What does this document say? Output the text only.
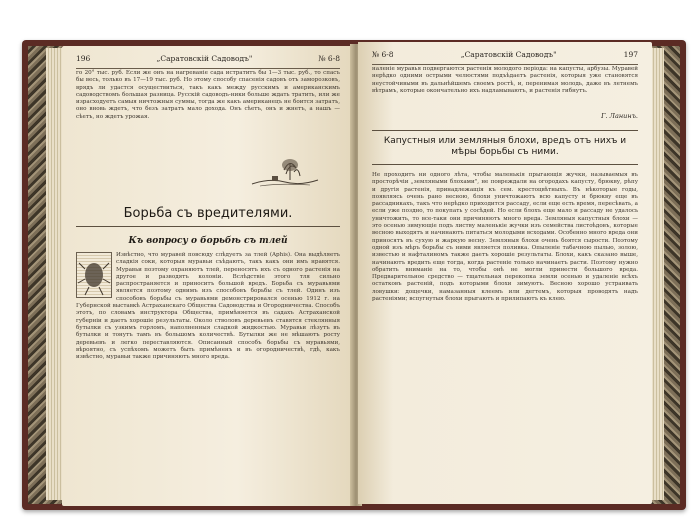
196	„Саратовскій Садоводъ"	№ 6-8
го 20° тыс. руб. Если же онъ на нагреванiе сада истратитъ бы 1—3 тыс. руб., то спасъ бы весь, только въ 17—19 тыс. руб. Но этому способу спасенія садовъ отъ заморозковъ, врядъ ли удастся осуществиться, такъ какъ между русскимъ и американскимъ садоводствомъ большая разница. Русскій садоводъ-ники больше ждать тратить, или же израсходуетъ самыя ничтожныя суммы, тогда же какъ американецъ не боится затратъ, оно вновь ждетъ, что безъ затратъ мало дохода. Онъ сѣетъ, онъ и жнетъ, а нашъ — сѣетъ, но ждетъ урожая.
Борьба съ вредителями.
Къ вопросу о борьбѣ съ тлей
Извѣстно, что муравей повсюду слѣдуетъ за тлей (Aphis). Она выдѣляетъ сладкія соки, которыя муравьи съѣдаютъ, такъ какъ они имъ нравятся. Муравьи поэтому охраняютъ тлей, переносятъ ихъ съ одного растенія на другое и разводятъ колоніи. Вслѣдствіе этого тля сильно распространяется и приноситъ большой вредъ. Борьба съ муравьями является поэтому однимъ изъ способовъ борьбы съ тлей. Одинъ изъ способовъ борьбы съ муравьями демонстрировался осенью 1912 г. на Губернской выставкѣ Астраханскаго Общества Садоводства и Огородничества. Способъ этотъ, по словамъ инструктора Общества, примѣняется въ садахъ Астраханской губерніи и даетъ хорошіе результаты. Около стволовъ деревьевъ ставятся стеклянныя бутылки съ узкимъ горломъ, наполненныя сладкой жидкостью. Муравьи лѣзутъ въ бутылки и тонутъ тамъ въ большомъ количествѣ. Бутылки же не мѣшаютъ росту деревьевъ и легко переставляются. Описанный способъ борьбы съ муравьями, вѣроятно, съ успѣхомъ можетъ быть примѣненъ и въ огородничествѣ, гдѣ, какъ извѣстно, муравьи также причиняютъ много вреда.
№ 6-8	„Саратовскій Садоводъ"	197
наленіе муравья подвергаются растенія молодого періода: на капусты, арбузы. Муравей нерѣдко одними острыми челюстями подъѣдаетъ растенія, которыя уже становятся неустойчивыми въ дальнѣйшемъ своемъ ростѣ, и, перенимая молодь, даже въ летнемъ вѣтрамъ, которые окончательно ихъ надламываютъ, и растенія гибнутъ.
Г. Ланинъ.
Капустныя или земляныя блохи, вредъ отъ нихъ и мѣры борьбы съ ними.
Не проходитъ ни одного лѣта, чтобы маленькія прыгающія жучки, называемыя въ просторѣчіи „земляными блохами", не повреждали на огородахъ капусту, брюкву, рѣпу и другія растенія, принадлежащія къ сем. крестоцвѣтныхъ. Въ нѣкоторые годы, появляясь очень рано весною, блохи уничтожаютъ всю капусту и брюкву еще въ рассадникахъ, такъ что нерѣдко приходится рассаду, если еще есть время, пересѣвать, а если уже поздно, то покупать у сосѣдей. Но если блохъ еще мало и рассаду не удалось уничтожить, то все-таки они причиняютъ много вреда. Земляныя капустныя блохи — это осенью зимующіе подъ листву маленькіе жучки изъ семейства листоѣдовъ, которые весною выходятъ и начинаютъ питаться молодыми всходами. Особенно много вреда они приносятъ въ сухую и жаркую весну. Земляныя блохи очень боятся сырости. Поэтому одной изъ мѣръ борьбы съ ними является поливка. Опыленіе табачною пылью, золою, известью и нафталиномъ также даетъ хорошіе результаты. Блохи, какъ сказано выше, начинаютъ вредить еще тогда, когда растеніе только начинаетъ расти. Поэтому нужно обратить вниманіе на то, чтобы онѣ не могли принести большого вреда. Предварительное средство — тщательная перекопка земли осенью и удаленіе всѣхъ остатковъ растеній, подъ которыми блохи зимуютъ. Весною хорошо устраивать ловушки: дощечки, намазанныя клеемъ или дегтемъ, которыя проводятъ надъ растеніями; вспугнутыя блохи прыгаютъ и прилипаютъ къ клею.
